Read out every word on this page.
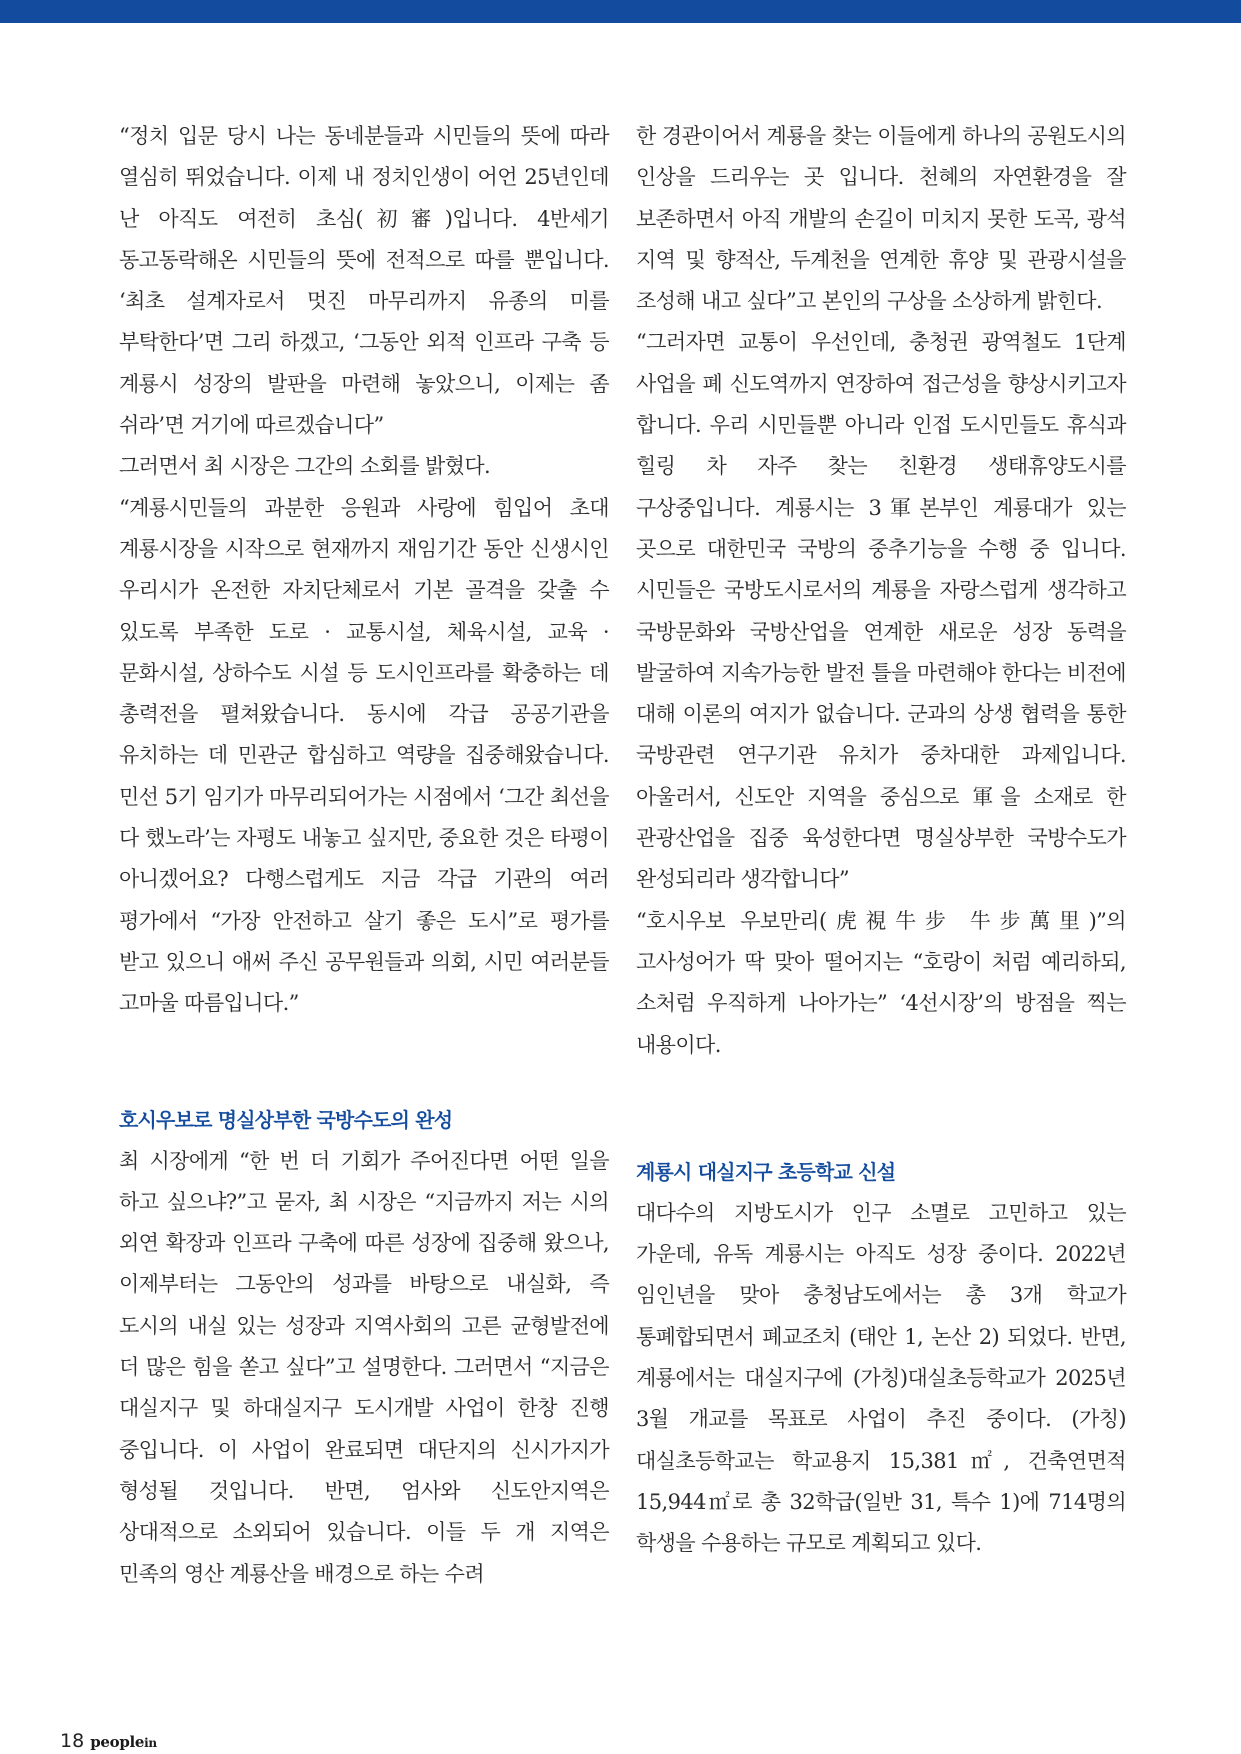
“정치 입문 당시 나는 동네분들과 시민들의 뜻에 따라 열심히 뛰었습니다. 이제 내 정치인생이 어언 25년인데 난 아직도 여전히 초심(初審)입니다. 4반세기 동고동락해온 시민들의 뜻에 전적으로 따를 뿐입니다. ‘최초 설계자로서 멋진 마무리까지 유종의 미를 부탁한다’면 그리 하겠고, ‘그동안 외적 인프라 구축 등 계룡시 성장의 발판을 마련해 놓았으니, 이제는 좀 쉬라’면 거기에 따르겠습니다”

그러면서 최 시장은 그간의 소회를 밝혔다.

“계룡시민들의 과분한 응원과 사랑에 힘입어 초대 계룡시장을 시작으로 현재까지 재임기간 동안 신생시인 우리시가 온전한 자치단체로서 기본 골격을 갖출 수 있도록 부족한 도로 · 교통시설, 체육시설, 교육 · 문화시설, 상하수도 시설 등 도시인프라를 확충하는 데 총력전을 펼쳐왔습니다. 동시에 각급 공공기관을 유치하는 데 민관군 합심하고 역량을 집중해왔습니다. 민선 5기 임기가 마무리되어가는 시점에서 ‘그간 최선을 다 했노라’는 자평도 내놓고 싶지만, 중요한 것은 타평이 아니겠어요? 다행스럽게도 지금 각급 기관의 여러 평가에서 “가장 안전하고 살기 좋은 도시”로 평가를 받고 있으니 애써 주신 공무원들과 의회, 시민 여러분들 고마울 따름입니다.”

호시우보로 명실상부한 국방수도의 완성

최 시장에게 “한 번 더 기회가 주어진다면 어떤 일을 하고 싶으냐?”고 묻자, 최 시장은 “지금까지 저는 시의 외연 확장과 인프라 구축에 따른 성장에 집중해 왔으나, 이제부터는 그동안의 성과를 바탕으로 내실화, 즉 도시의 내실 있는 성장과 지역사회의 고른 균형발전에 더 많은 힘을 쏟고 싶다”고 설명한다. 그러면서 “지금은 대실지구 및 하대실지구 도시개발 사업이 한창 진행 중입니다. 이 사업이 완료되면 대단지의 신시가지가 형성될 것입니다. 반면, 엄사와 신도안지역은 상대적으로 소외되어 있습니다. 이들 두 개 지역은 민족의 영산 계룡산을 배경으로 하는 수려

한 경관이어서 계룡을 찾는 이들에게 하나의 공원도시의 인상을 드리우는 곳 입니다. 천혜의 자연환경을 잘 보존하면서 아직 개발의 손길이 미치지 못한 도곡, 광석 지역 및 향적산, 두계천을 연계한 휴양 및 관광시설을 조성해 내고 싶다”고 본인의 구상을 소상하게 밝힌다.

“그러자면 교통이 우선인데, 충청권 광역철도 1단계 사업을 폐 신도역까지 연장하여 접근성을 향상시키고자 합니다. 우리 시민들뿐 아니라 인접 도시민들도 휴식과 힐링 차 자주 찾는 친환경 생태휴양도시를 구상중입니다. 계룡시는 3軍본부인 계룡대가 있는 곳으로 대한민국 국방의 중추기능을 수행 중 입니다. 시민들은 국방도시로서의 계룡을 자랑스럽게 생각하고 국방문화와 국방산업을 연계한 새로운 성장 동력을 발굴하여 지속가능한 발전 틀을 마련해야 한다는 비전에 대해 이론의 여지가 없습니다. 군과의 상생 협력을 통한 국방관련 연구기관 유치가 중차대한 과제입니다. 아울러서, 신도안 지역을 중심으로 軍을 소재로 한 관광산업을 집중 육성한다면 명실상부한 국방수도가 완성되리라 생각합니다”

“호시우보 우보만리(虎視牛步 牛步萬里)”의 고사성어가 딱 맞아 떨어지는 “호랑이 처럼 예리하되, 소처럼 우직하게 나아가는” ‘4선시장’의 방점을 찍는 내용이다.

계룡시 대실지구 초등학교 신설

대다수의 지방도시가 인구 소멸로 고민하고 있는 가운데, 유독 계룡시는 아직도 성장 중이다. 2022년 임인년을 맞아 충청남도에서는 총 3개 학교가 통폐합되면서 폐교조치 (태안 1, 논산 2) 되었다. 반면, 계룡에서는 대실지구에 (가칭)대실초등학교가 2025년 3월 개교를 목표로 사업이 추진 중이다. (가칭)대실초등학교는 학교용지 15,381㎡, 건축연면적 15,944㎡로 총 32학급(일반 31, 특수 1)에 714명의 학생을 수용하는 규모로 계획되고 있다.

18 peoplein
